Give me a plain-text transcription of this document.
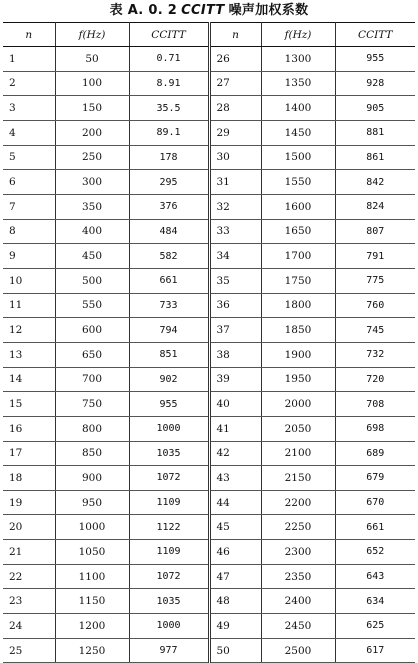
表 A. 0. 2 CCITT 噪声加权系数
n	f(Hz)	CCITT	n	f(Hz)	CCITT
1	50	0.71	26	1300	955
2	100	8.91	27	1350	928
3	150	35.5	28	1400	905
4	200	89.1	29	1450	881
5	250	178	30	1500	861
6	300	295	31	1550	842
7	350	376	32	1600	824
8	400	484	33	1650	807
9	450	582	34	1700	791
10	500	661	35	1750	775
11	550	733	36	1800	760
12	600	794	37	1850	745
13	650	851	38	1900	732
14	700	902	39	1950	720
15	750	955	40	2000	708
16	800	1000	41	2050	698
17	850	1035	42	2100	689
18	900	1072	43	2150	679
19	950	1109	44	2200	670
20	1000	1122	45	2250	661
21	1050	1109	46	2300	652
22	1100	1072	47	2350	643
23	1150	1035	48	2400	634
24	1200	1000	49	2450	625
25	1250	977	50	2500	617
